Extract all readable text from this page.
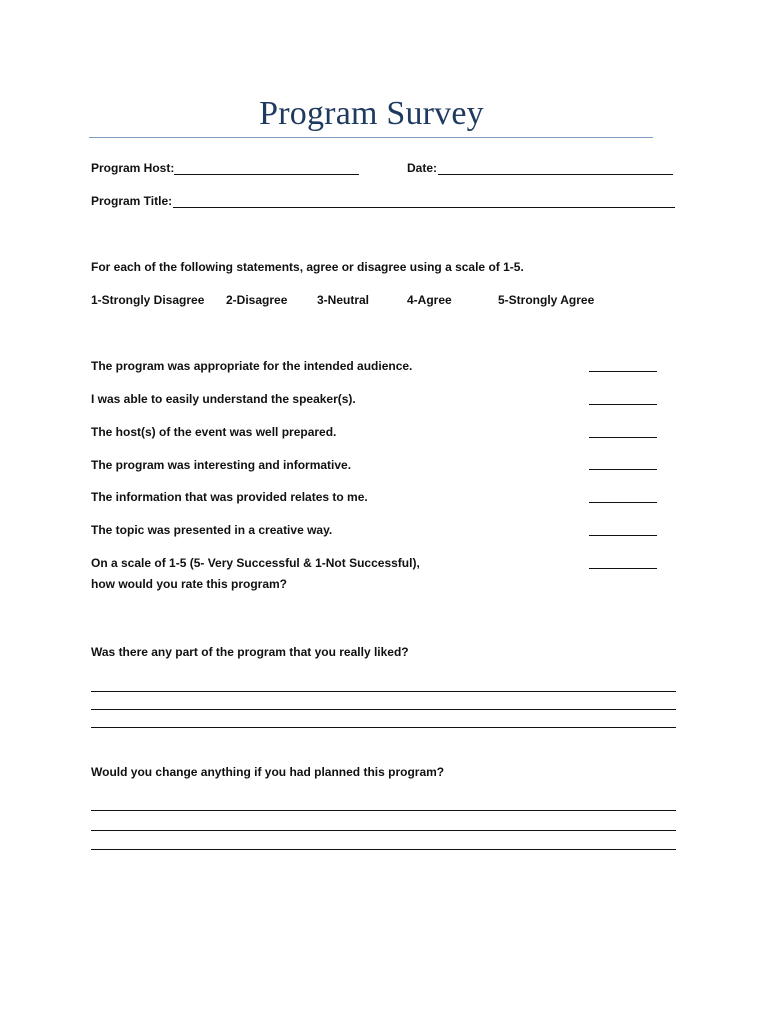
Program Survey
Program Host:	Date:
Program Title:
For each of the following statements, agree or disagree using a scale of 1-5.
1-Strongly Disagree 2-Disagree 3-Neutral	4-Agree	5-Strongly Agree
The program was appropriate for the intended audience.
I was able to easily understand the speaker(s).
The host(s) of the event was well prepared.
The program was interesting and informative.
The information that was provided relates to me.
The topic was presented in a creative way.
On a scale of 1-5 (5- Very Successful & 1-Not Successful),
how would you rate this program?
Was there any part of the program that you really liked?
Would you change anything if you had planned this program?
